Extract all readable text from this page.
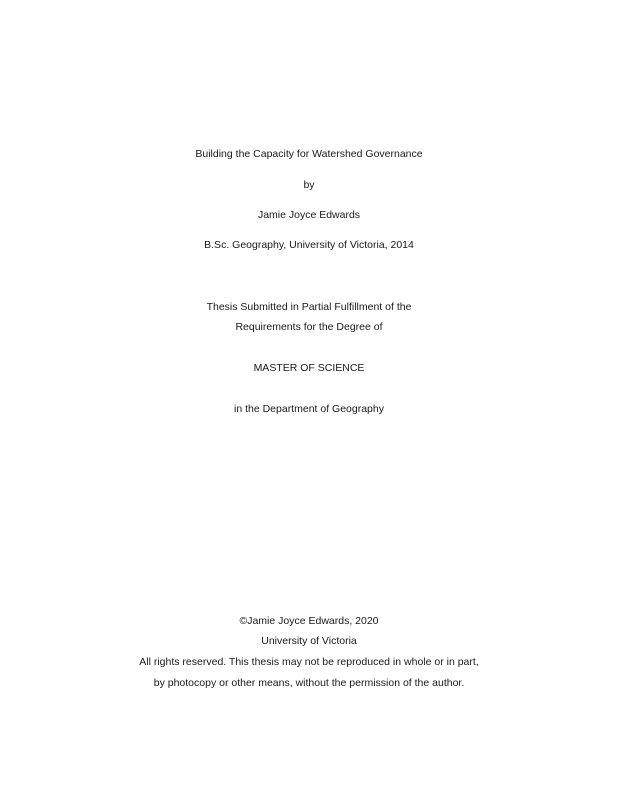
Building the Capacity for Watershed Governance
by
Jamie Joyce Edwards
B.Sc. Geography, University of Victoria, 2014
Thesis Submitted in Partial Fulfillment of the
Requirements for the Degree of
MASTER OF SCIENCE
in the Department of Geography
©Jamie Joyce Edwards, 2020
University of Victoria
All rights reserved. This thesis may not be reproduced in whole or in part,
by photocopy or other means, without the permission of the author.
